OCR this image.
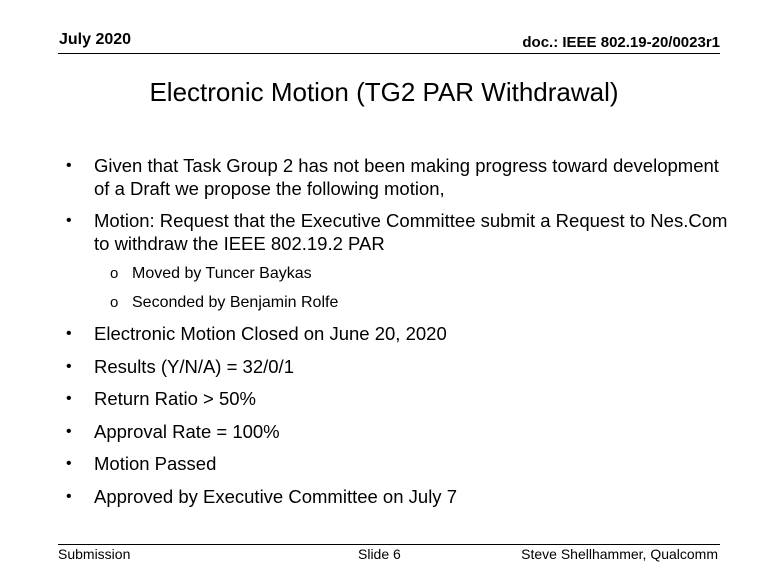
July 2020	doc.: IEEE 802.19-20/0023r1
Electronic Motion (TG2 PAR Withdrawal)
• Given that Task Group 2 has not been making progress toward development of a Draft we propose the following motion,
• Motion: Request that the Executive Committee submit a Request to Nes.Com to withdraw the IEEE 802.19.2 PAR
o Moved by Tuncer Baykas
o Seconded by Benjamin Rolfe
• Electronic Motion Closed on June 20, 2020
• Results (Y/N/A) = 32/0/1
• Return Ratio > 50%
• Approval Rate = 100%
• Motion Passed
• Approved by Executive Committee on July 7
Submission	Slide 6	Steve Shellhammer, Qualcomm
